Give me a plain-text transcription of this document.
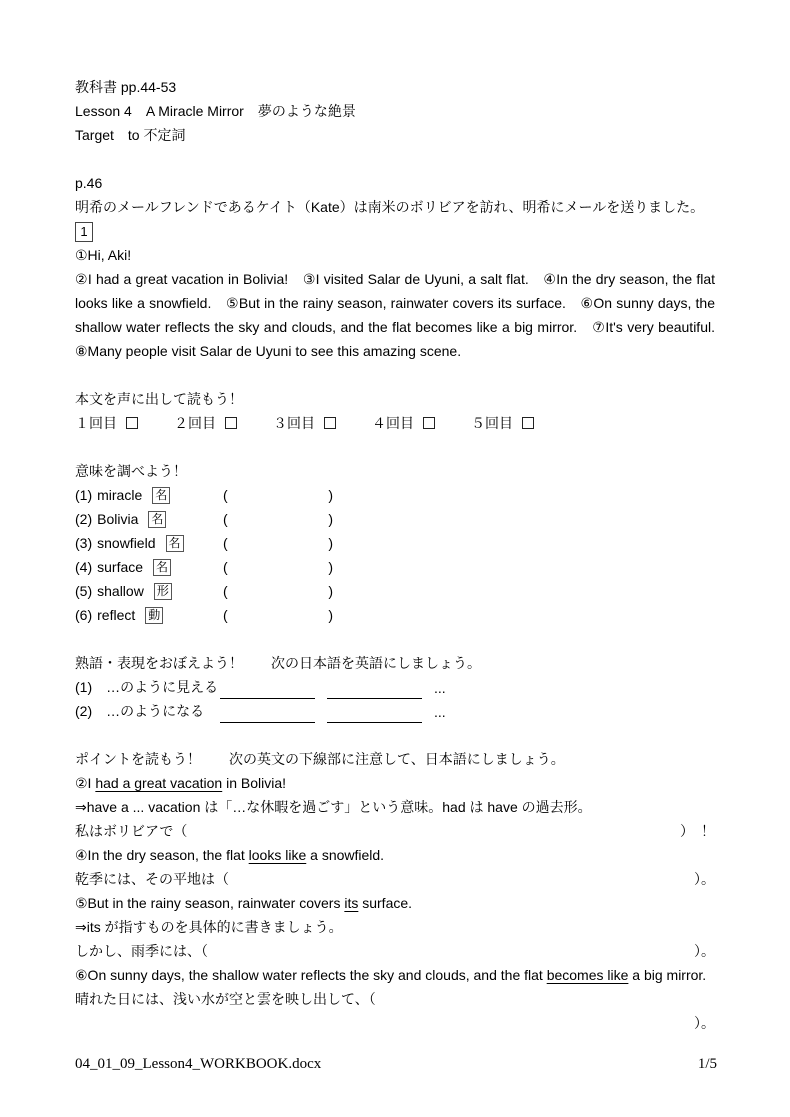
教科書 pp.44-53
Lesson 4　A Miracle Mirror　夢のような絶景
Target　to 不定詞
p.46
明希のメールフレンドであるケイト（Kate）は南米のボリビアを訪れ、明希にメールを送りました。
1
①Hi, Aki!
②I had a great vacation in Bolivia!　③I visited Salar de Uyuni, a salt flat.　④In the dry season, the flat looks like a snowfield.　⑤But in the rainy season, rainwater covers its surface.　⑥On sunny days, the shallow water reflects the sky and clouds, and the flat becomes like a big mirror.　⑦It's very beautiful.　⑧Many people visit Salar de Uyuni to see this amazing scene.
本文を声に出して読もう！
１回目	２回目	３回目	４回目	５回目
意味を調べよう！
(1) miracle 名	(	)
(2) Bolivia 名	(	)
(3) snowfield 名	(	)
(4) surface 名	(	)
(5) shallow 形	(	)
(6) reflect 動	(	)
熟語・表現をおぼえよう！ 次の日本語を英語にしましょう。
(1) …のように見える	...
(2) …のようになる	...
ポイントを読もう！ 次の英文の下線部に注意して、日本語にしましょう。
②I had a great vacation in Bolivia!
⇒have a ... vacation は「…な休暇を過ごす」という意味。had は have の過去形。
私はボリビアで（	）　！
④In the dry season, the flat looks like a snowfield.
乾季には、その平地は（	）。
⑤But in the rainy season, rainwater covers its surface.
⇒its が指すものを具体的に書きましょう。
しかし、雨季には、（	）。
⑥On sunny days, the shallow water reflects the sky and clouds, and the flat becomes like a big mirror.
晴れた日には、浅い水が空と雲を映し出して、（
）。
04_01_09_Lesson4_WORKBOOK.docx	1/5
